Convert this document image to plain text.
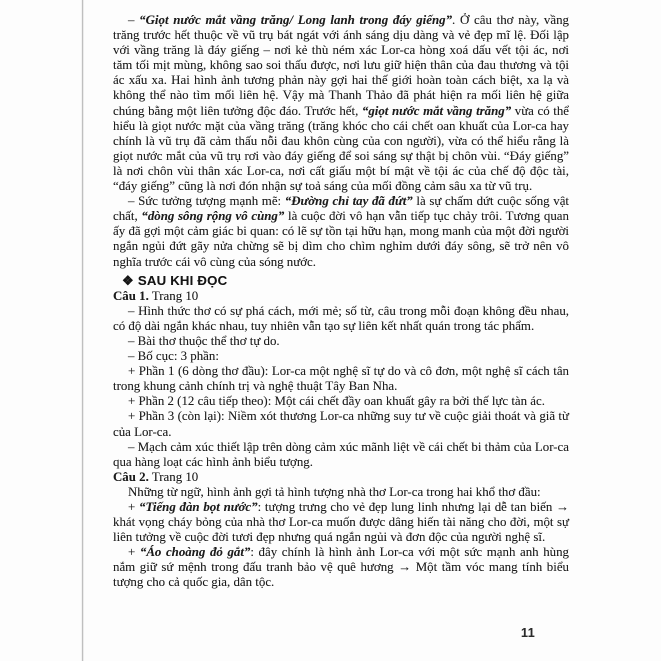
– “Giọt nước mắt vầng trăng/ Long lanh trong đáy giếng”. Ở câu thơ này, vầng trăng trước hết thuộc về vũ trụ bát ngát với ánh sáng dịu dàng và vẻ đẹp mĩ lệ. Đối lập với vầng trăng là đáy giếng – nơi kẻ thù ném xác Lor-ca hòng xoá dấu vết tội ác, nơi tăm tối mịt mùng, không sao soi thấu được, nơi lưu giữ hiện thân của đau thương và tội ác xấu xa. Hai hình ảnh tương phản này gợi hai thế giới hoàn toàn cách biệt, xa lạ và không thể nào tìm mối liên hệ. Vậy mà Thanh Thảo đã phát hiện ra mối liên hệ giữa chúng bằng một liên tưởng độc đáo. Trước hết, “giọt nước mắt vầng trăng” vừa có thể hiểu là giọt nước mặt của vầng trăng (trăng khóc cho cái chết oan khuất của Lor-ca hay chính là vũ trụ đã cảm thấu nỗi đau khôn cùng của con người), vừa có thể hiểu rằng là giọt nước mắt của vũ trụ rơi vào đáy giếng để soi sáng sự thật bị chôn vùi. “Đáy giếng” là nơi chôn vùi thân xác Lor-ca, nơi cất giấu một bí mật về tội ác của chế độ độc tài, “đáy giếng” cũng là nơi đón nhận sự toả sáng của mối đồng cảm sâu xa từ vũ trụ.

– Sức tưởng tượng mạnh mẽ: “Đường chỉ tay đã đứt” là sự chấm dứt cuộc sống vật chất, “dòng sông rộng vô cùng” là cuộc đời vô hạn vẫn tiếp tục chảy trôi. Tương quan ấy đã gợi một cảm giác bi quan: có lẽ sự tồn tại hữu hạn, mong manh của một đời người ngắn ngủi đứt gãy nửa chừng sẽ bị dìm cho chìm nghỉm dưới đáy sông, sẽ trở nên vô nghĩa trước cái vô cùng của sóng nước.

❖ SAU KHI ĐỌC

Câu 1. Trang 10

– Hình thức thơ có sự phá cách, mới mẻ; số từ, câu trong mỗi đoạn không đều nhau, có độ dài ngắn khác nhau, tuy nhiên vẫn tạo sự liên kết nhất quán trong tác phẩm.

– Bài thơ thuộc thể thơ tự do.

– Bố cục: 3 phần:

+ Phần 1 (6 dòng thơ đầu): Lor-ca một nghệ sĩ tự do và cô đơn, một nghệ sĩ cách tân trong khung cảnh chính trị và nghệ thuật Tây Ban Nha.

+ Phần 2 (12 câu tiếp theo): Một cái chết đầy oan khuất gây ra bởi thế lực tàn ác.

+ Phần 3 (còn lại): Niềm xót thương Lor-ca những suy tư về cuộc giải thoát và giã từ của Lor-ca.

– Mạch cảm xúc thiết lập trên dòng cảm xúc mãnh liệt về cái chết bi thảm của Lor-ca qua hàng loạt các hình ảnh biểu tượng.

Câu 2. Trang 10

Những từ ngữ, hình ảnh gợi tả hình tượng nhà thơ Lor-ca trong hai khổ thơ đầu:

+ “Tiếng đàn bọt nước”: tượng trưng cho vẻ đẹp lung linh nhưng lại dễ tan biến → khát vọng cháy bỏng của nhà thơ Lor-ca muốn được dâng hiến tài năng cho đời, một sự liên tưởng về cuộc đời tươi đẹp nhưng quá ngắn ngủi và đơn độc của người nghệ sĩ.

+ “Áo choàng đỏ gắt”: đây chính là hình ảnh Lor-ca với một sức mạnh anh hùng nắm giữ sứ mệnh trong đấu tranh bảo vệ quê hương → Một tầm vóc mang tính biểu tượng cho cả quốc gia, dân tộc.

11
